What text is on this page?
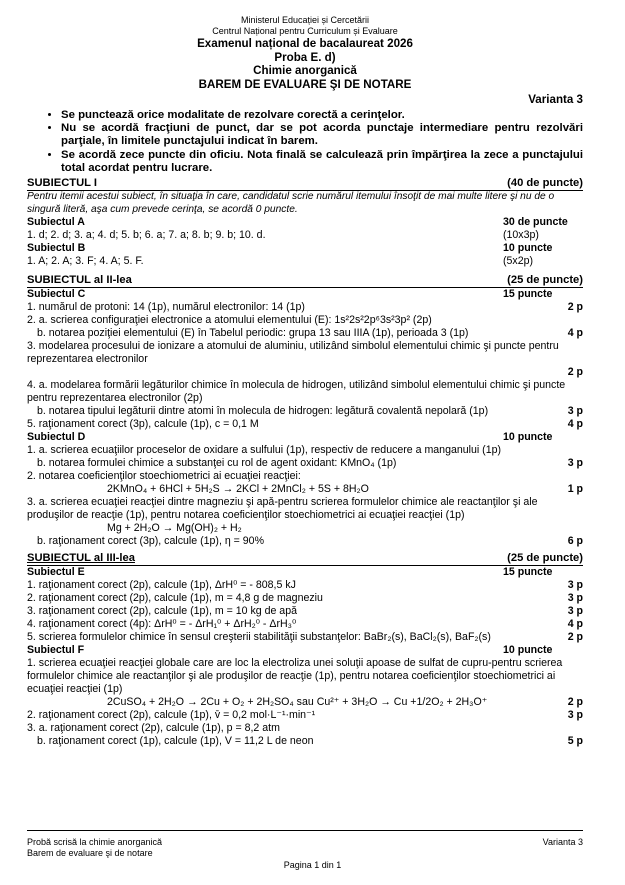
Ministerul Educației și Cercetării
Centrul Național pentru Curriculum și Evaluare
Examenul național de bacalaureat 2026
Proba E. d)
Chimie anorganică
BAREM DE EVALUARE ŞI DE NOTARE
Varianta 3
• Se punctează orice modalitate de rezolvare corectă a cerinţelor.
• Nu se acordă fracţiuni de punct, dar se pot acorda punctaje intermediare pentru rezolvări parţiale, în limitele punctajului indicat în barem.
• Se acordă zece puncte din oficiu. Nota finală se calculează prin împărţirea la zece a punctajului total acordat pentru lucrare.
SUBIECTUL I	(40 de puncte)
Pentru itemii acestui subiect, în situaţia în care, candidatul scrie numărul itemului însoţit de mai multe litere şi nu de o singură literă, aşa cum prevede cerinţa, se acordă 0 puncte.
Subiectul A	30 de puncte
1. d; 2. d; 3. a; 4. d; 5. b; 6. a; 7. a; 8. b; 9. b; 10. d.	(10x3p)
Subiectul B	10 puncte
1. A; 2. A; 3. F; 4. A; 5. F.	(5x2p)
SUBIECTUL al II-lea	(25 de puncte)
Subiectul C	15 puncte
1. numărul de protoni: 14 (1p), numărul electronilor: 14 (1p)	2 p
2. a. scrierea configuraţiei electronice a atomului elementului (E): 1s²2s²2p⁶3s²3p² (2p)
b. notarea poziţiei elementului (E) în Tabelul periodic: grupa 13 sau IIIA (1p), perioada 3 (1p)	4 p
3. modelarea procesului de ionizare a atomului de aluminiu, utilizând simbolul elementului chimic şi puncte pentru reprezentarea electronilor
2 p
4. a. modelarea formării legăturilor chimice în molecula de hidrogen, utilizând simbolul elementului chimic şi puncte pentru reprezentarea electronilor (2p)
b. notarea tipului legăturii dintre atomi în molecula de hidrogen: legătură covalentă nepolară (1p)	3 p
5. raţionament corect (3p), calcule (1p), c = 0,1 M	4 p
Subiectul D	10 puncte
1. a. scrierea ecuaţiilor proceselor de oxidare a sulfului (1p), respectiv de reducere a manganului (1p)
b. notarea formulei chimice a substanţei cu rol de agent oxidant: KMnO₄ (1p)	3 p
2. notarea coeficienţilor stoechiometrici ai ecuaţiei reacţiei:
2KMnO₄ + 6HCl + 5H₂S → 2KCl + 2MnCl₂ + 5S + 8H₂O	1 p
3. a. scrierea ecuaţiei reacţiei dintre magneziu şi apă-pentru scrierea formulelor chimice ale reactanţilor şi ale produşilor de reacţie (1p), pentru notarea coeficienţilor stoechiometrici ai ecuaţiei reacţiei (1p)
Mg + 2H₂O → Mg(OH)₂ + H₂
b. raţionament corect (3p), calcule (1p), η = 90%	6 p
SUBIECTUL al III-lea	(25 de puncte)
Subiectul E	15 puncte
1. raţionament corect (2p), calcule (1p), ΔrH⁰ = - 808,5 kJ	3 p
2. raţionament corect (2p), calcule (1p), m = 4,8 g de magneziu	3 p
3. raţionament corect (2p), calcule (1p), m = 10 kg de apă	3 p
4. raţionament corect (4p): ΔrH⁰ = - ΔrH₁⁰ + ΔrH₂⁰ - ΔrH₃⁰	4 p
5. scrierea formulelor chimice în sensul creşterii stabilităţii substanţelor: BaBr₂(s), BaCl₂(s), BaF₂(s)	2 p
Subiectul F	10 puncte
1. scrierea ecuaţiei reacţiei globale care are loc la electroliza unei soluţii apoase de sulfat de cupru-pentru scrierea formulelor chimice ale reactanţilor şi ale produşilor de reacţie (1p), pentru notarea coeficienţilor stoechiometrici ai ecuaţiei reacţiei (1p)
2CuSO₄ + 2H₂O → 2Cu + O₂ + 2H₂SO₄ sau Cu²⁺ + 3H₂O → Cu +1/2O₂ + 2H₃O⁺	2 p
2. raţionament corect (2p), calcule (1p), v̄ = 0,2 mol·L⁻¹·min⁻¹	3 p
3. a. raţionament corect (2p), calcule (1p), p = 8,2 atm
b. raţionament corect (1p), calcule (1p), V = 11,2 L de neon	5 p
Probă scrisă la chimie anorganică	Varianta 3
Barem de evaluare şi de notare
Pagina 1 din 1
